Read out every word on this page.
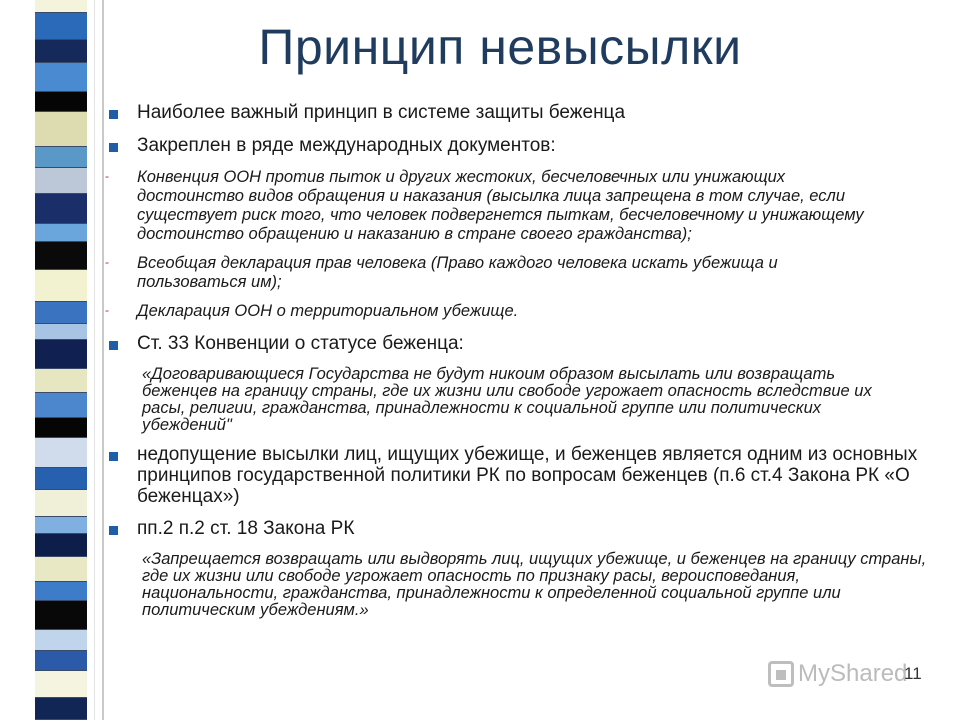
Принцип невысылки
Наиболее важный принцип в системе защиты беженца
Закреплен в ряде международных документов:
-	Конвенция ООН против пыток и других жестоких, бесчеловечных или унижающих достоинство видов обращения и наказания (высылка лица запрещена в том случае, если существует риск того, что человек подвергнется пыткам, бесчеловечному и унижающему достоинство обращению и наказанию в стране своего гражданства);
-	Всеобщая декларация прав человека (Право каждого человека искать убежища и пользоваться им);
-	Декларация ООН о территориальном убежище.
Ст. 33 Конвенции о статусе беженца:
«Договаривающиеся Государства не будут никоим образом высылать или возвращать беженцев на границу страны, где их жизни или свободе угрожает опасность вследствие их расы, религии, гражданства, принадлежности к социальной группе или политических убеждений"
недопущение высылки лиц, ищущих убежище, и беженцев является одним из основных принципов государственной политики РК по вопросам беженцев (п.6 ст.4 Закона РК «О беженцах»)
пп.2 п.2 ст. 18 Закона РК
«Запрещается возвращать или выдворять лиц, ищущих убежище, и беженцев на границу страны, где их жизни или свободе угрожает опасность по признаку расы, вероисповедания, национальности, гражданства, принадлежности к определенной социальной группе или политическим убеждениям.»
MyShared
11
